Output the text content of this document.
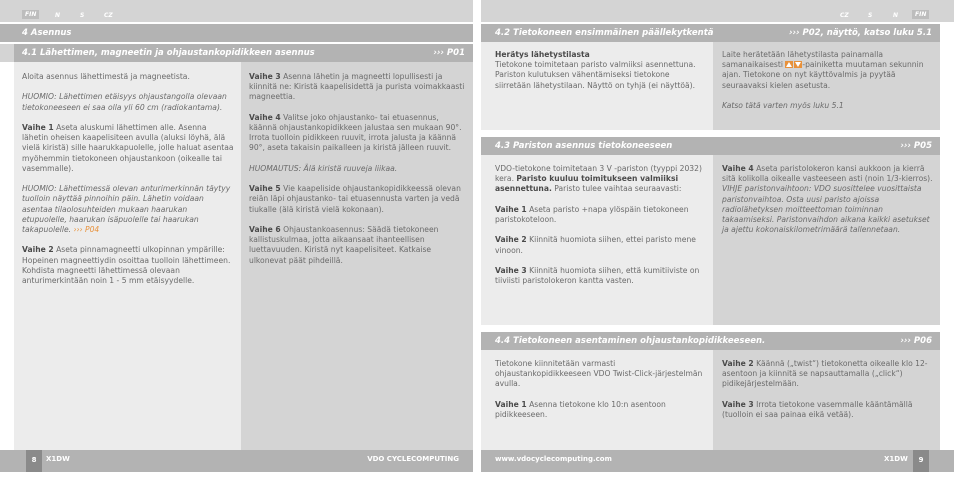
FIN	N	S	CZ
4 Asennus
4.1 Lähettimen, magneetin ja ohjaustankopidikkeen asennus	››› P01

Aloita asennus lähettimestä ja magneetista.

HUOMIO: Lähettimen etäisyys ohjaustangolla olevaan tietokoneeseen ei saa olla yli 60 cm (radiokantama).

Vaihe 1 Aseta aluskumi lähettimen alle. Asenna lähetin oheisen kaapelisiteen avulla (aluksi löyhä, älä vielä kiristä) sille haarukkapuolelle, jolle haluat asentaa myöhemmin tietokoneen ohjaustankoon (oikealle tai vasemmalle).

HUOMIO: Lähettimessä olevan anturimerkinnän täytyy tuolloin näyttää pinnoihin päin. Lähetin voidaan asentaa tilaolosuhteiden mukaan haarukan etupuolelle, haarukan isäpuolelle tai haarukan takapuolelle. ››› P04

Vaihe 2 Aseta pinnamagneetti ulkopinnan ympärille: Hopeinen magneettiydin osoittaa tuolloin lähettimeen. Kohdista magneetti lähettimessä olevaan anturimerkintään noin 1 - 5 mm etäisyydelle.

Vaihe 3 Asenna lähetin ja magneetti lopullisesti ja kiinnitä ne: Kiristä kaapelisidettä ja purista voimakkaasti magneettia.

Vaihe 4 Valitse joko ohjaustanko- tai etuasennus, käännä ohjaustankopidikkeen jalustaa sen mukaan 90°. Irrota tuolloin pidikkeen ruuvit, irrota jalusta ja käännä 90°, aseta takaisin paikalleen ja kiristä jälleen ruuvit.

HUOMAUTUS: Älä kiristä ruuveja liikaa.

Vaihe 5 Vie kaapeliside ohjaustankopidikkeessä olevan reiän läpi ohjaustanko- tai etuasennusta varten ja vedä tiukalle (älä kiristä vielä kokonaan).

Vaihe 6 Ohjaustankoasennus: Säädä tietokoneen kallistuskulmaa, jotta aikaansaat ihanteellisen luettavuuden. Kiristä nyt kaapelisiteet. Katkaise ulkonevat päät pihdeillä.

8	X1DW	VDO CYCLECOMPUTING
CZ	S	N	FIN
4.2 Tietokoneen ensimmäinen päällekytkentä	››› P02, näyttö, katso luku 5.1

Herätys lähetystilasta
Tietokone toimitetaan paristo valmiiksi asennettuna. Pariston kulutuksen vähentämiseksi tietokone siirretään lähetystilaan. Näyttö on tyhjä (ei näyttöä).

Laite herätetään lähetystilasta painamalla samanaikaisesti
-painiketta muutaman sekunnin ajan. Tietokone on nyt käyttövalmis ja pyytää seuraavaksi kielen asetusta.

Katso tätä varten myös luku 5.1

4.3 Pariston asennus tietokoneeseen	››› P05

VDO-tietokone toimitetaan 3 V -pariston (tyyppi 2032) kera. Paristo kuuluu toimitukseen valmiiksi asennettuna. Paristo tulee vaihtaa seuraavasti:

Vaihe 1 Aseta paristo +napa ylöspäin tietokoneen paristokoteloon.

Vaihe 2 Kiinnitä huomiota siihen, ettei paristo mene vinoon.

Vaihe 3 Kiinnitä huomiota siihen, että kumitiiviste on tiiviisti paristolokeron kantta vasten.

Vaihe 4 Aseta paristolokeron kansi aukkoon ja kierrä sitä kolikolla oikealle vasteeseen asti (noin 1/3-kierros).

VIHJE paristonvaihtoon: VDO suosittelee vuosittaista paristonvaihtoa. Osta uusi paristo ajoissa radiolähetyksen moitteettoman toiminnan takaamiseksi. Paristonvaihdon aikana kaikki asetukset ja ajettu kokonaiskilometrimäärä tallennetaan.

4.4 Tietokoneen asentaminen ohjaustankopidikkeeseen.	››› P06

Tietokone kiinnitetään varmasti ohjaustankopidikkeeseen VDO Twist-Click-järjestelmän avulla.

Vaihe 1 Asenna tietokone klo 10:n asentoon pidikkeeseen.

Vaihe 2 Käännä („twist“) tietokonetta oikealle klo 12-asentoon ja kiinnitä se napsauttamalla („click“) pidikejärjestelmään.

Vaihe 3 Irrota tietokone vasemmalle kääntämällä (tuolloin ei saa painaa eikä vetää).

www.vdocyclecomputing.com	X1DW	9
